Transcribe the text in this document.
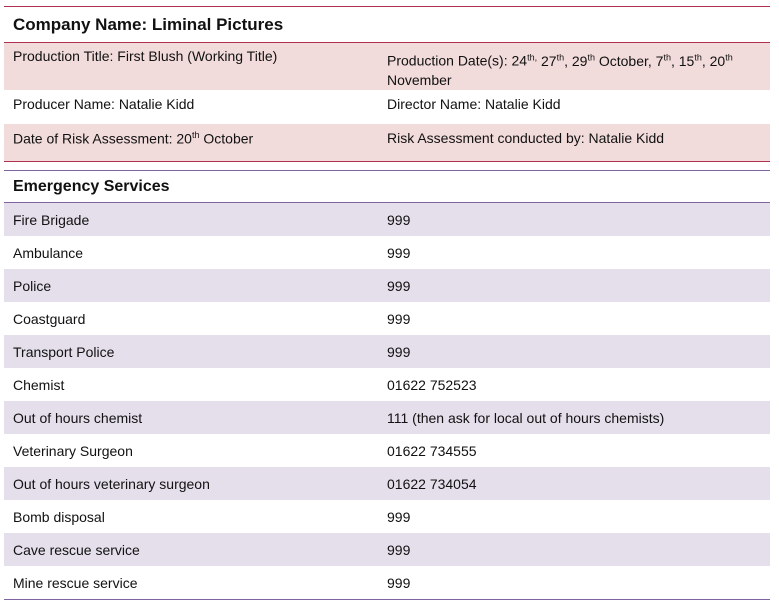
Company Name: Liminal Pictures
Production Title: First Blush (Working Title)	Production Date(s): $24^{th,}$ 27th, 29th October, 7th, 15th, 20th November
Producer Name: Natalie Kidd	Director Name: Natalie Kidd
Date of Risk Assessment: 20th October	Risk Assessment conducted by: Natalie Kidd
Emergency Services
Fire Brigade	999
Ambulance	999
Police	999
Coastguard	999
Transport Police	999
Chemist	01622 752523
Out of hours chemist	111 (then ask for local out of hours chemists)
Veterinary Surgeon	01622 734555
Out of hours veterinary surgeon	01622 734054
Bomb disposal	999
Cave rescue service	999
Mine rescue service	999
